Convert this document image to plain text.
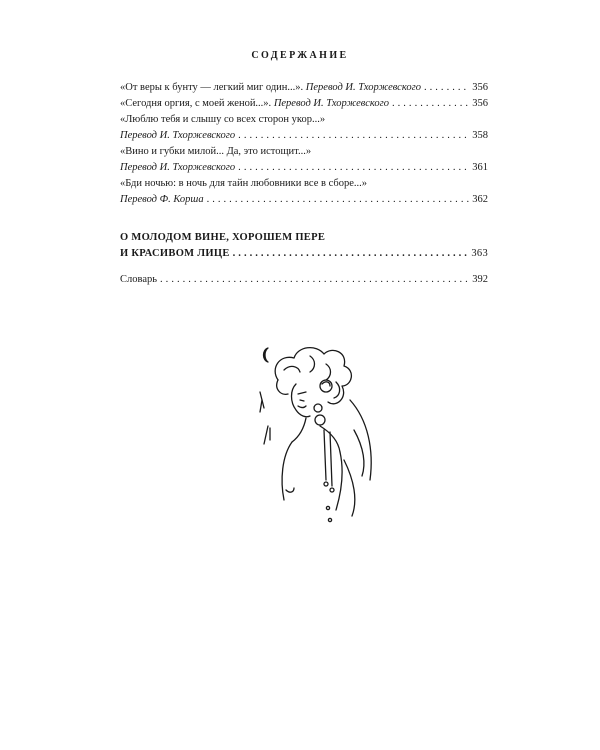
СОДЕРЖАНИЕ
«От веры к бунту — легкий миг один...». Перевод И. Тхоржевского . . .	356
«Сегодня оргия, с моей женой...». Перевод И. Тхоржевского . . .	356
«Люблю тебя и слышу со всех сторон укор...»
Перевод И. Тхоржевского . . .	358
«Вино и губки милой... Да, это истощит...»
Перевод И. Тхоржевского . . .	361
«Бди ночью: в ночь для тайн любовники все в сборе...»
Перевод Ф. Корша . . .	362
О МОЛОДОМ ВИНЕ, ХОРОШЕМ ПЕРЕ
И КРАСИВОМ ЛИЦЕ . . .	363
Словарь . . .	392
